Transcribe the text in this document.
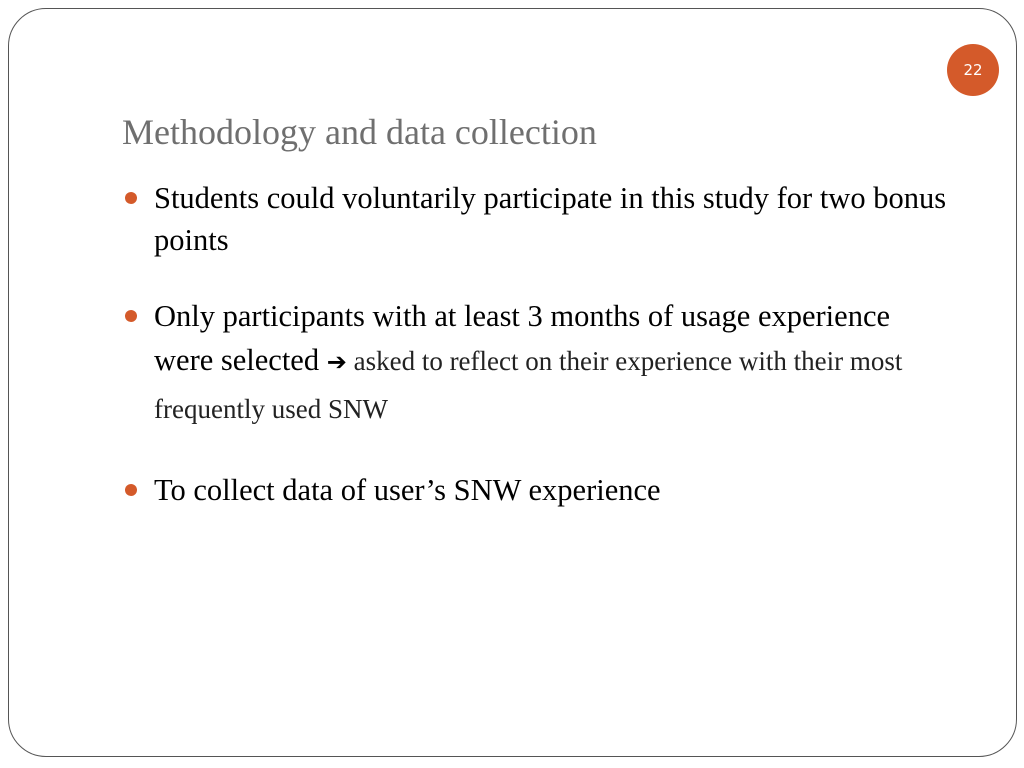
22
Methodology and data collection
Students could voluntarily participate in this study for two bonus points
Only participants with at least 3 months of usage experience were selected ➔ asked to reflect on their experience with their most frequently used SNW
To collect data of user’s SNW experience
